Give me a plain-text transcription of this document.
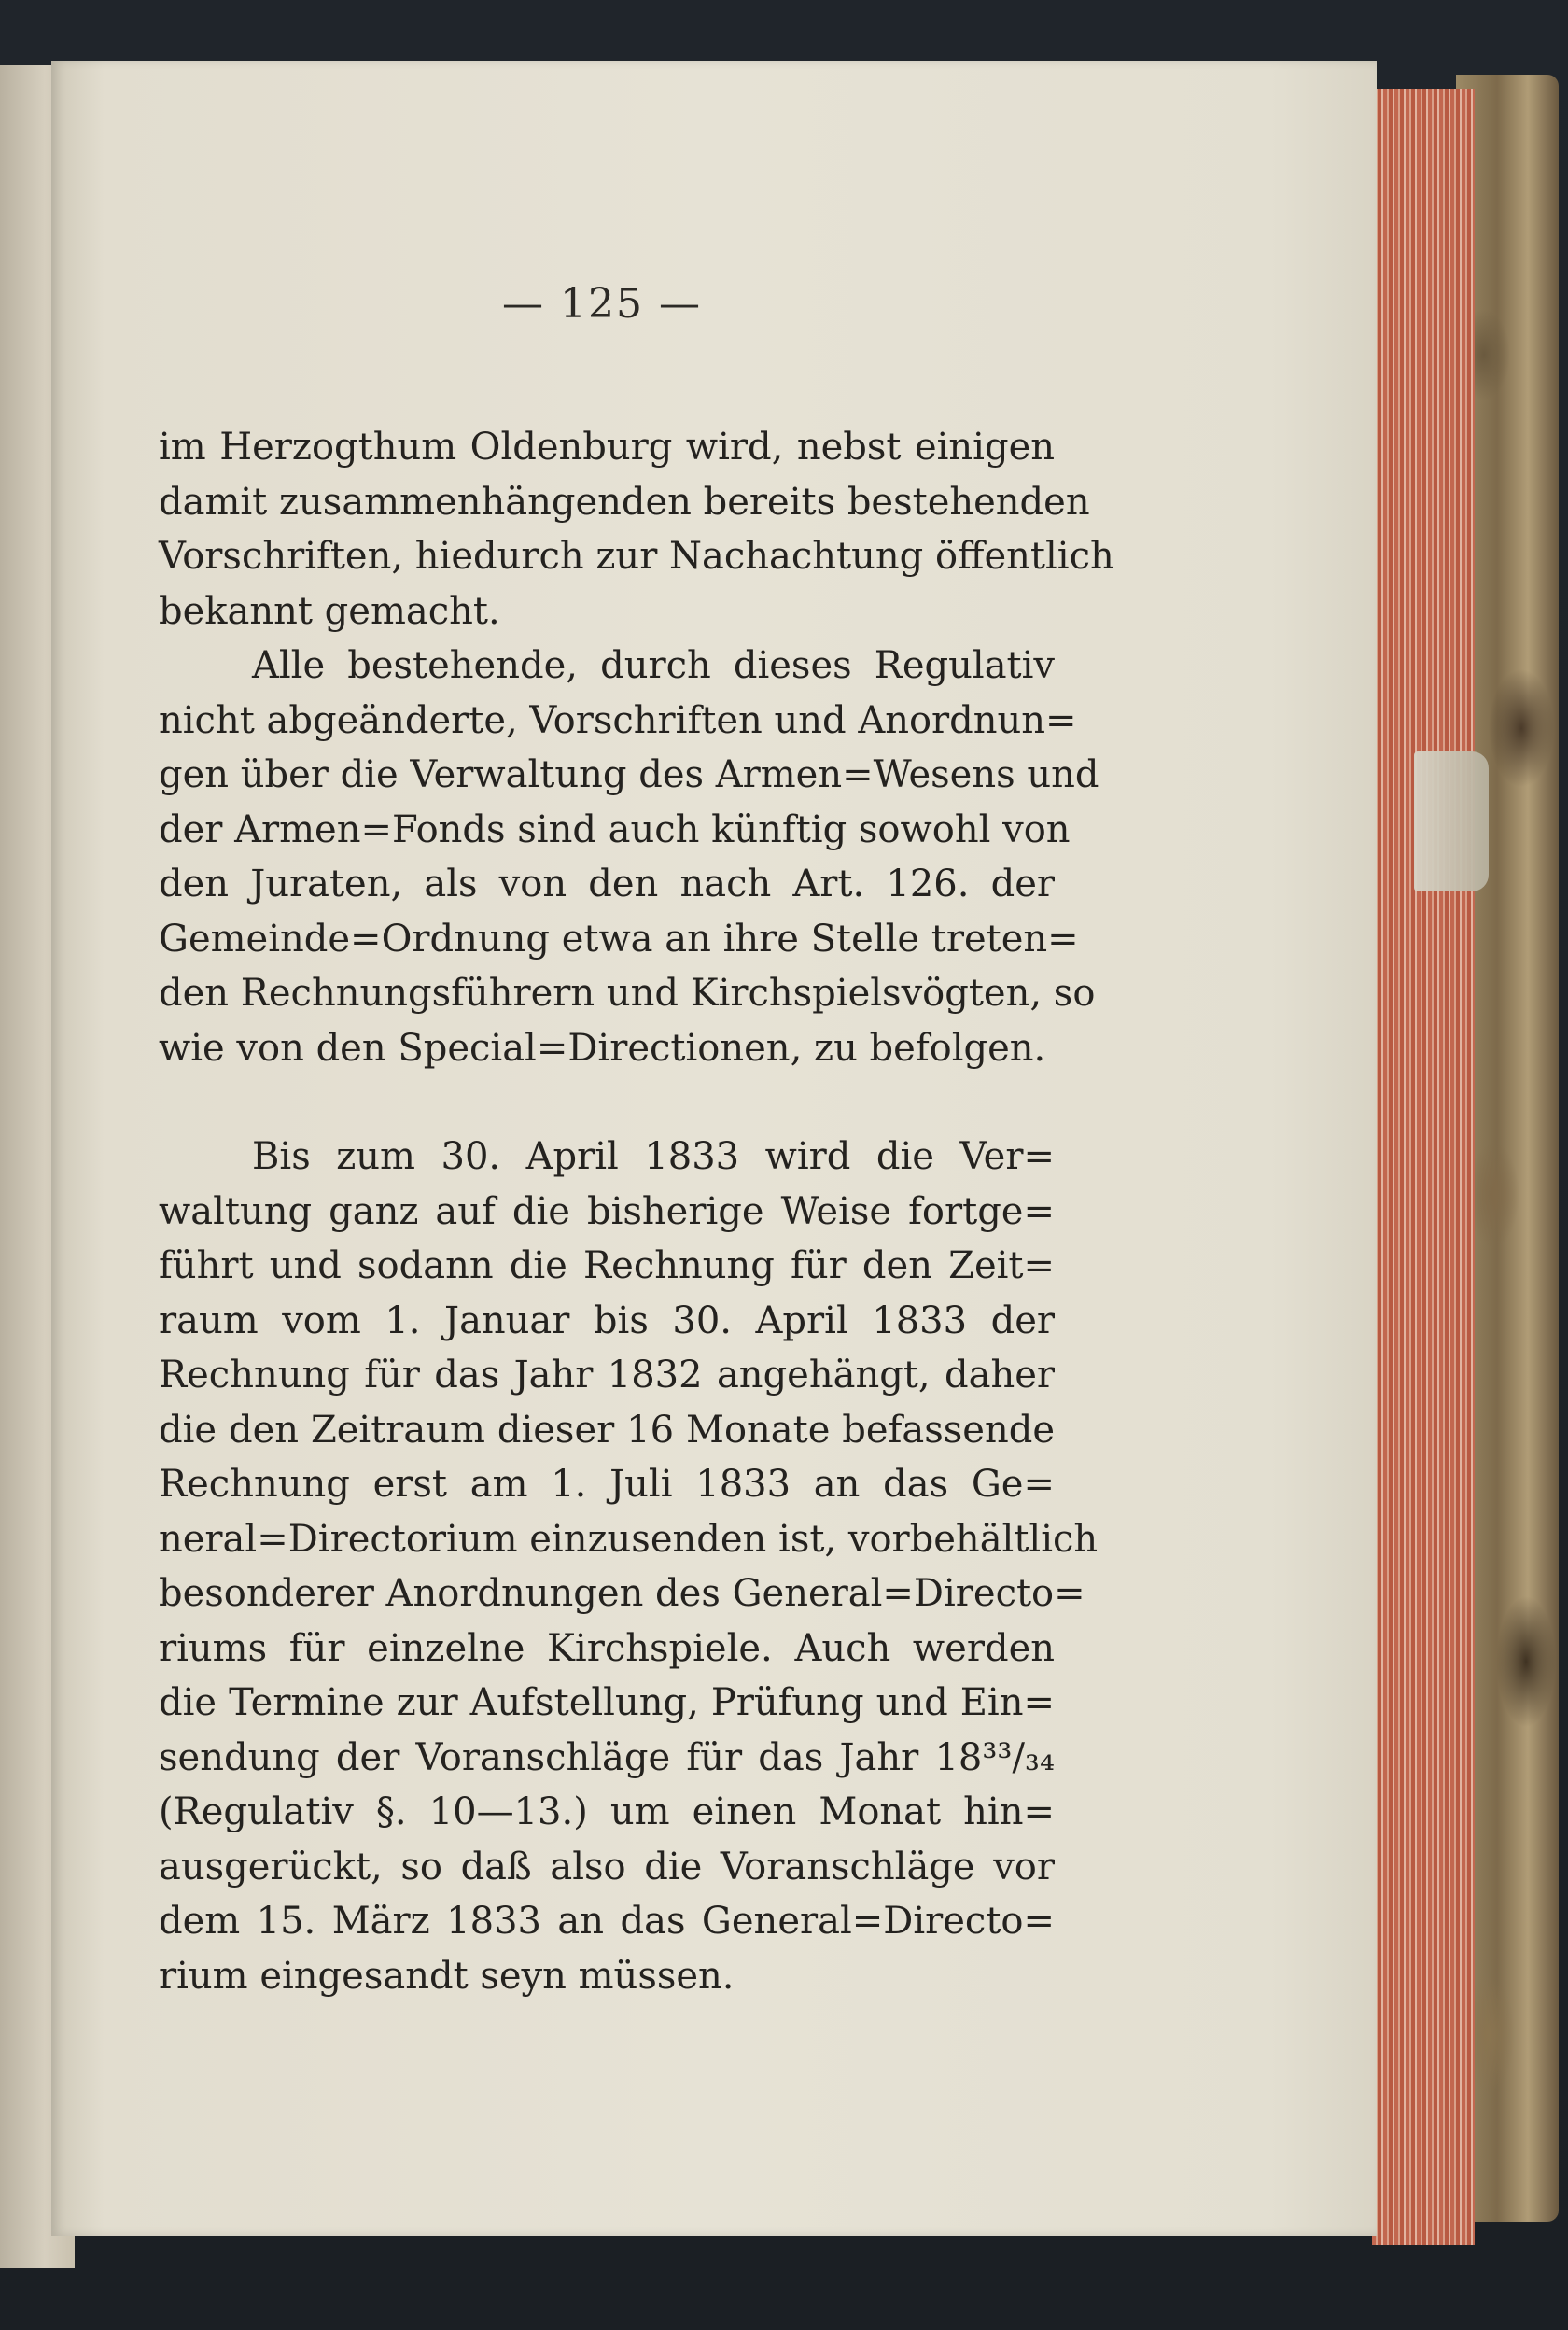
— 125 —

im Herzogthum Oldenburg wird, nebst einigen
damit zusammenhängenden bereits bestehenden
Vorschriften, hiedurch zur Nachachtung öffentlich
bekannt gemacht.

Alle bestehende, durch dieses Regulativ
nicht abgeänderte, Vorschriften und Anordnun=
gen über die Verwaltung des Armen=Wesens und
der Armen=Fonds sind auch künftig sowohl von
den Juraten, als von den nach Art. 126. der
Gemeinde=Ordnung etwa an ihre Stelle treten=
den Rechnungsführern und Kirchspielsvögten, so
wie von den Special=Directionen, zu befolgen.

Bis zum 30. April 1833 wird die Ver=
waltung ganz auf die bisherige Weise fortge=
führt und sodann die Rechnung für den Zeit=
raum vom 1. Januar bis 30. April 1833 der
Rechnung für das Jahr 1832 angehängt, daher
die den Zeitraum dieser 16 Monate befassende
Rechnung erst am 1. Juli 1833 an das Ge=
neral=Directorium einzusenden ist, vorbehältlich
besonderer Anordnungen des General=Directo=
riums für einzelne Kirchspiele. Auch werden
die Termine zur Aufstellung, Prüfung und Ein=
sendung der Voranschläge für das Jahr 18³³/₃₄
(Regulativ §. 10—13.) um einen Monat hin=
ausgerückt, so daß also die Voranschläge vor
dem 15. März 1833 an das General=Directo=
rium eingesandt seyn müssen.
